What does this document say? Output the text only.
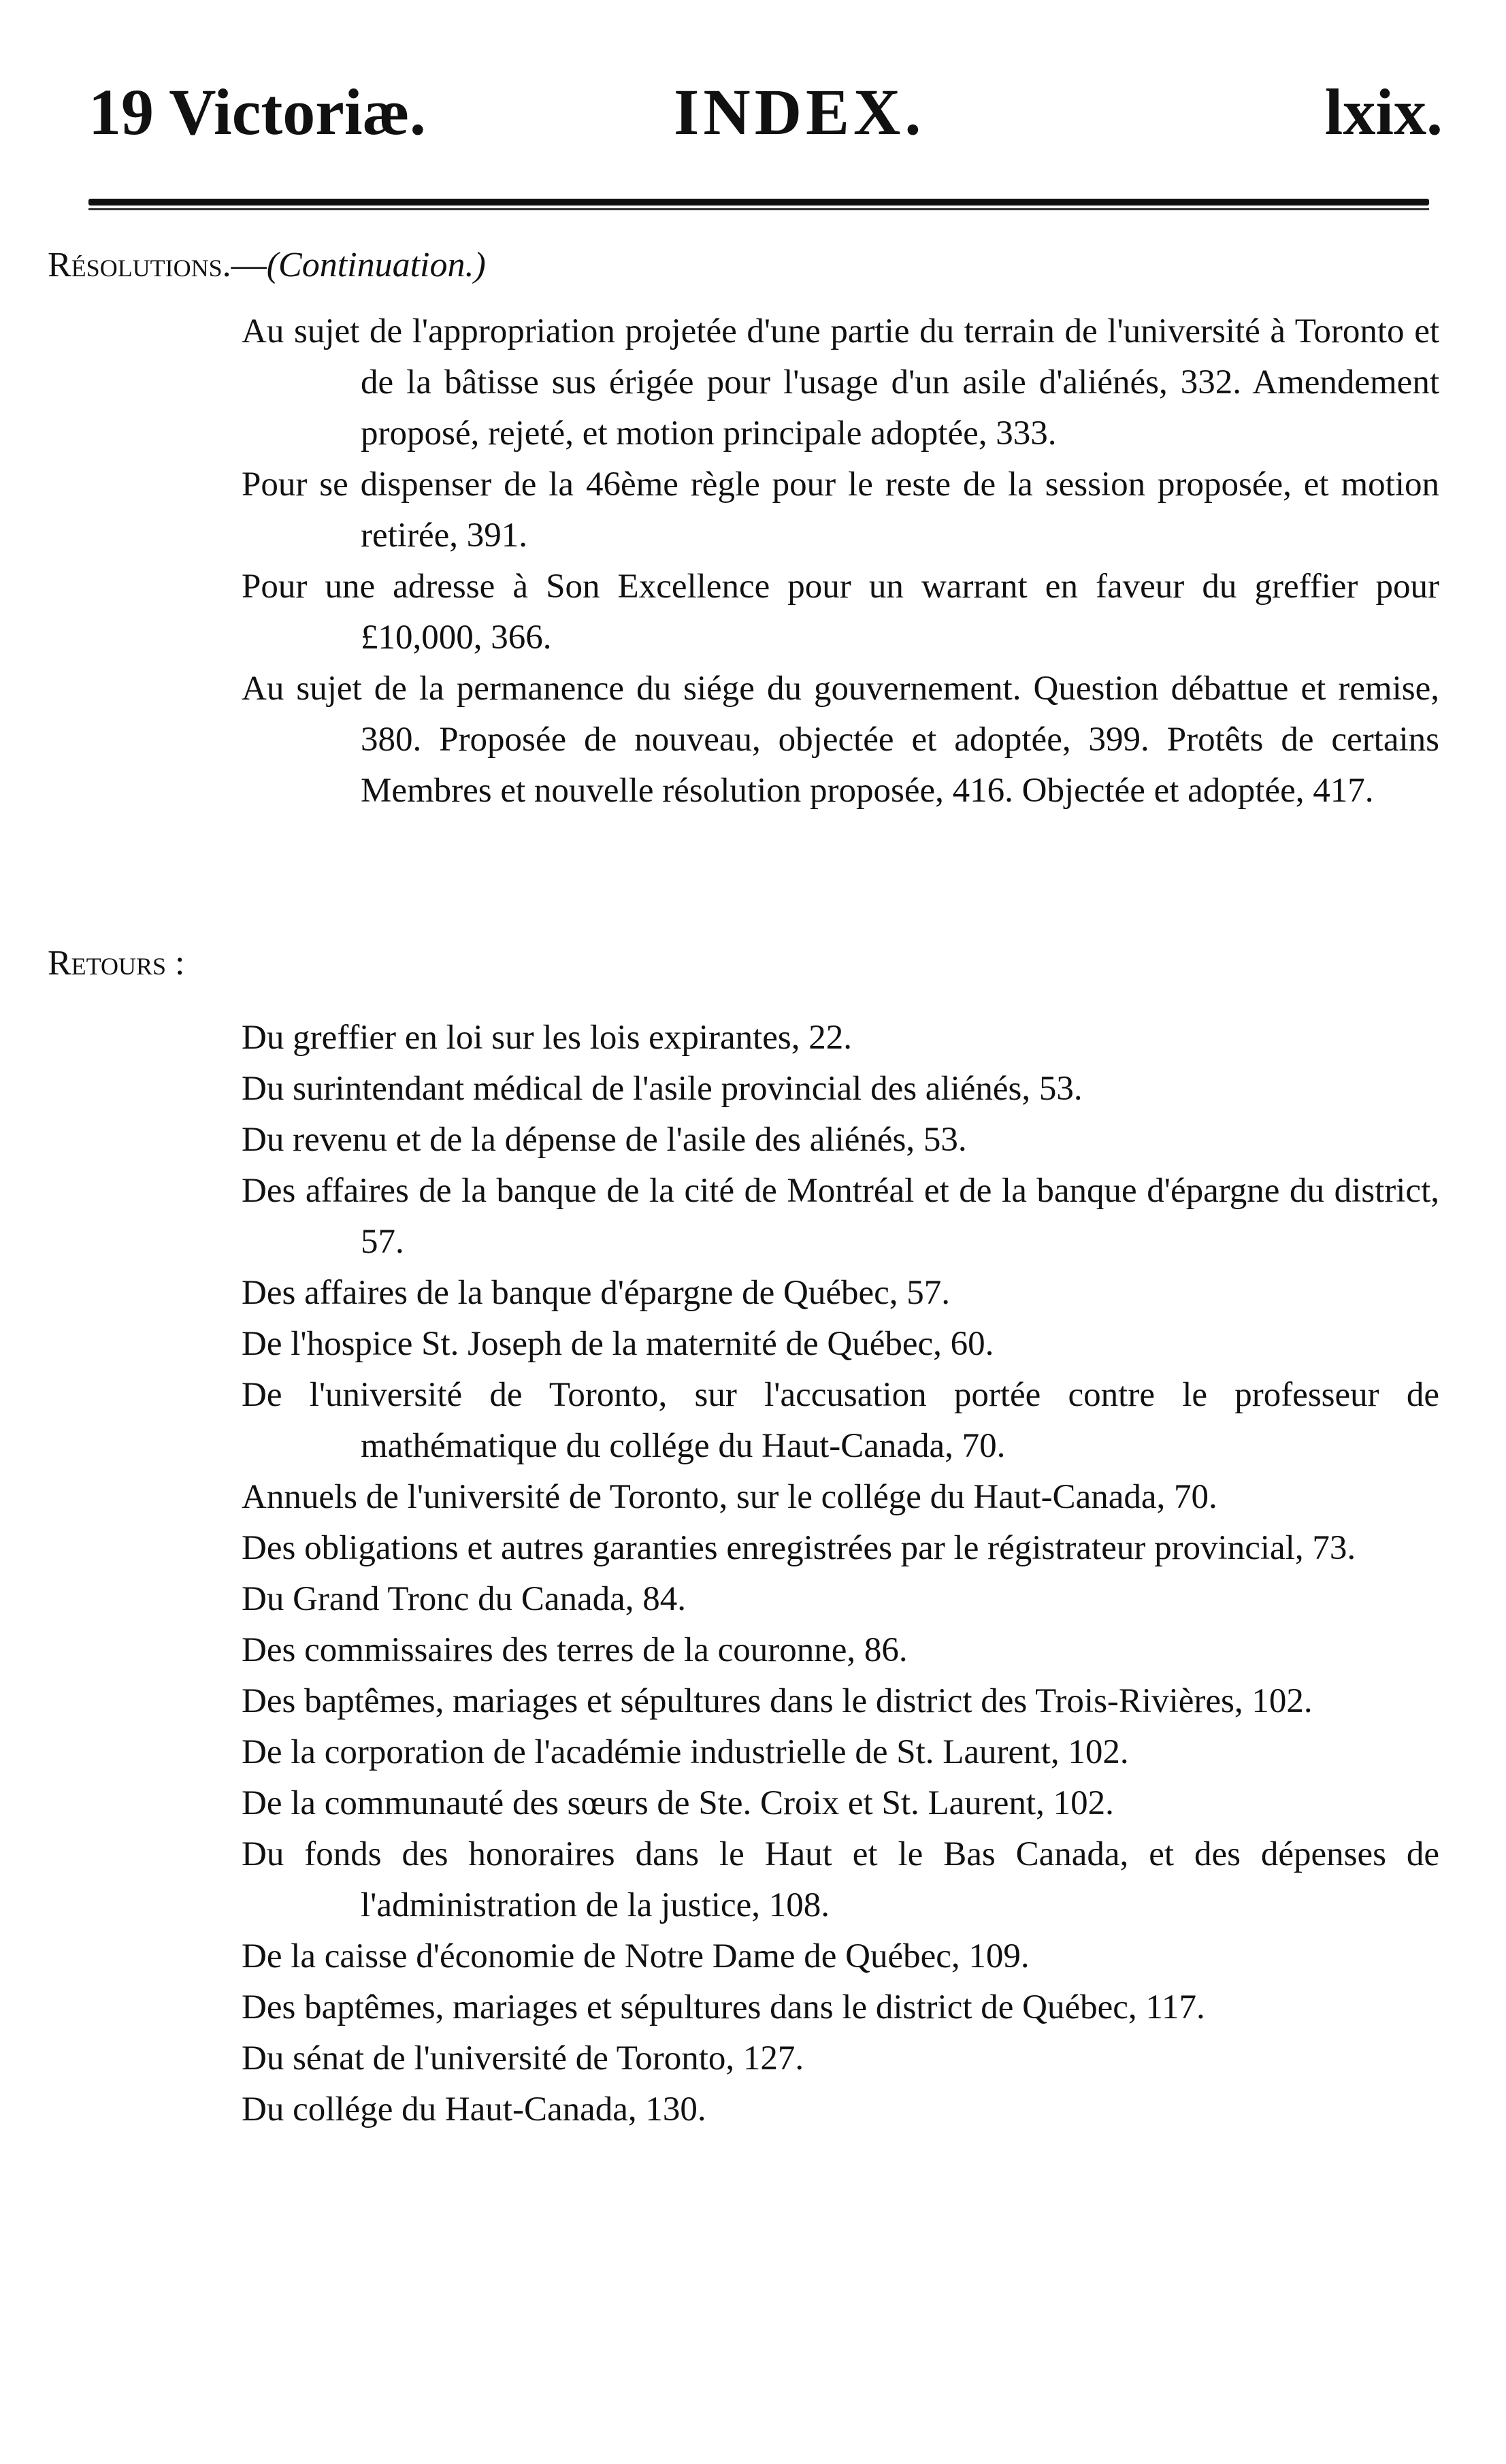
19 Victoriæ.	INDEX.	lxix.
Résolutions.—(Continuation.)
Au sujet de l'appropriation projetée d'une partie du terrain de l'université à Toronto et de la bâtisse sus érigée pour l'usage d'un asile d'aliénés, 332. Amendement proposé, rejeté, et motion principale adoptée, 333.
Pour se dispenser de la 46ème règle pour le reste de la session proposée, et motion retirée, 391.
Pour une adresse à Son Excellence pour un warrant en faveur du greffier pour £10,000, 366.
Au sujet de la permanence du siége du gouvernement. Question débattue et remise, 380. Proposée de nouveau, objectée et adoptée, 399. Protêts de certains Membres et nouvelle résolution proposée, 416. Objectée et adoptée, 417.
Retours :
Du greffier en loi sur les lois expirantes, 22.
Du surintendant médical de l'asile provincial des aliénés, 53.
Du revenu et de la dépense de l'asile des aliénés, 53.
Des affaires de la banque de la cité de Montréal et de la banque d'épargne du district, 57.
Des affaires de la banque d'épargne de Québec, 57.
De l'hospice St. Joseph de la maternité de Québec, 60.
De l'université de Toronto, sur l'accusation portée contre le professeur de mathématique du collége du Haut-Canada, 70.
Annuels de l'université de Toronto, sur le collége du Haut-Canada, 70.
Des obligations et autres garanties enregistrées par le régistrateur provincial, 73.
Du Grand Tronc du Canada, 84.
Des commissaires des terres de la couronne, 86.
Des baptêmes, mariages et sépultures dans le district des Trois-Rivières, 102.
De la corporation de l'académie industrielle de St. Laurent, 102.
De la communauté des sœurs de Ste. Croix et St. Laurent, 102.
Du fonds des honoraires dans le Haut et le Bas Canada, et des dépenses de l'administration de la justice, 108.
De la caisse d'économie de Notre Dame de Québec, 109.
Des baptêmes, mariages et sépultures dans le district de Québec, 117.
Du sénat de l'université de Toronto, 127.
Du collége du Haut-Canada, 130.
